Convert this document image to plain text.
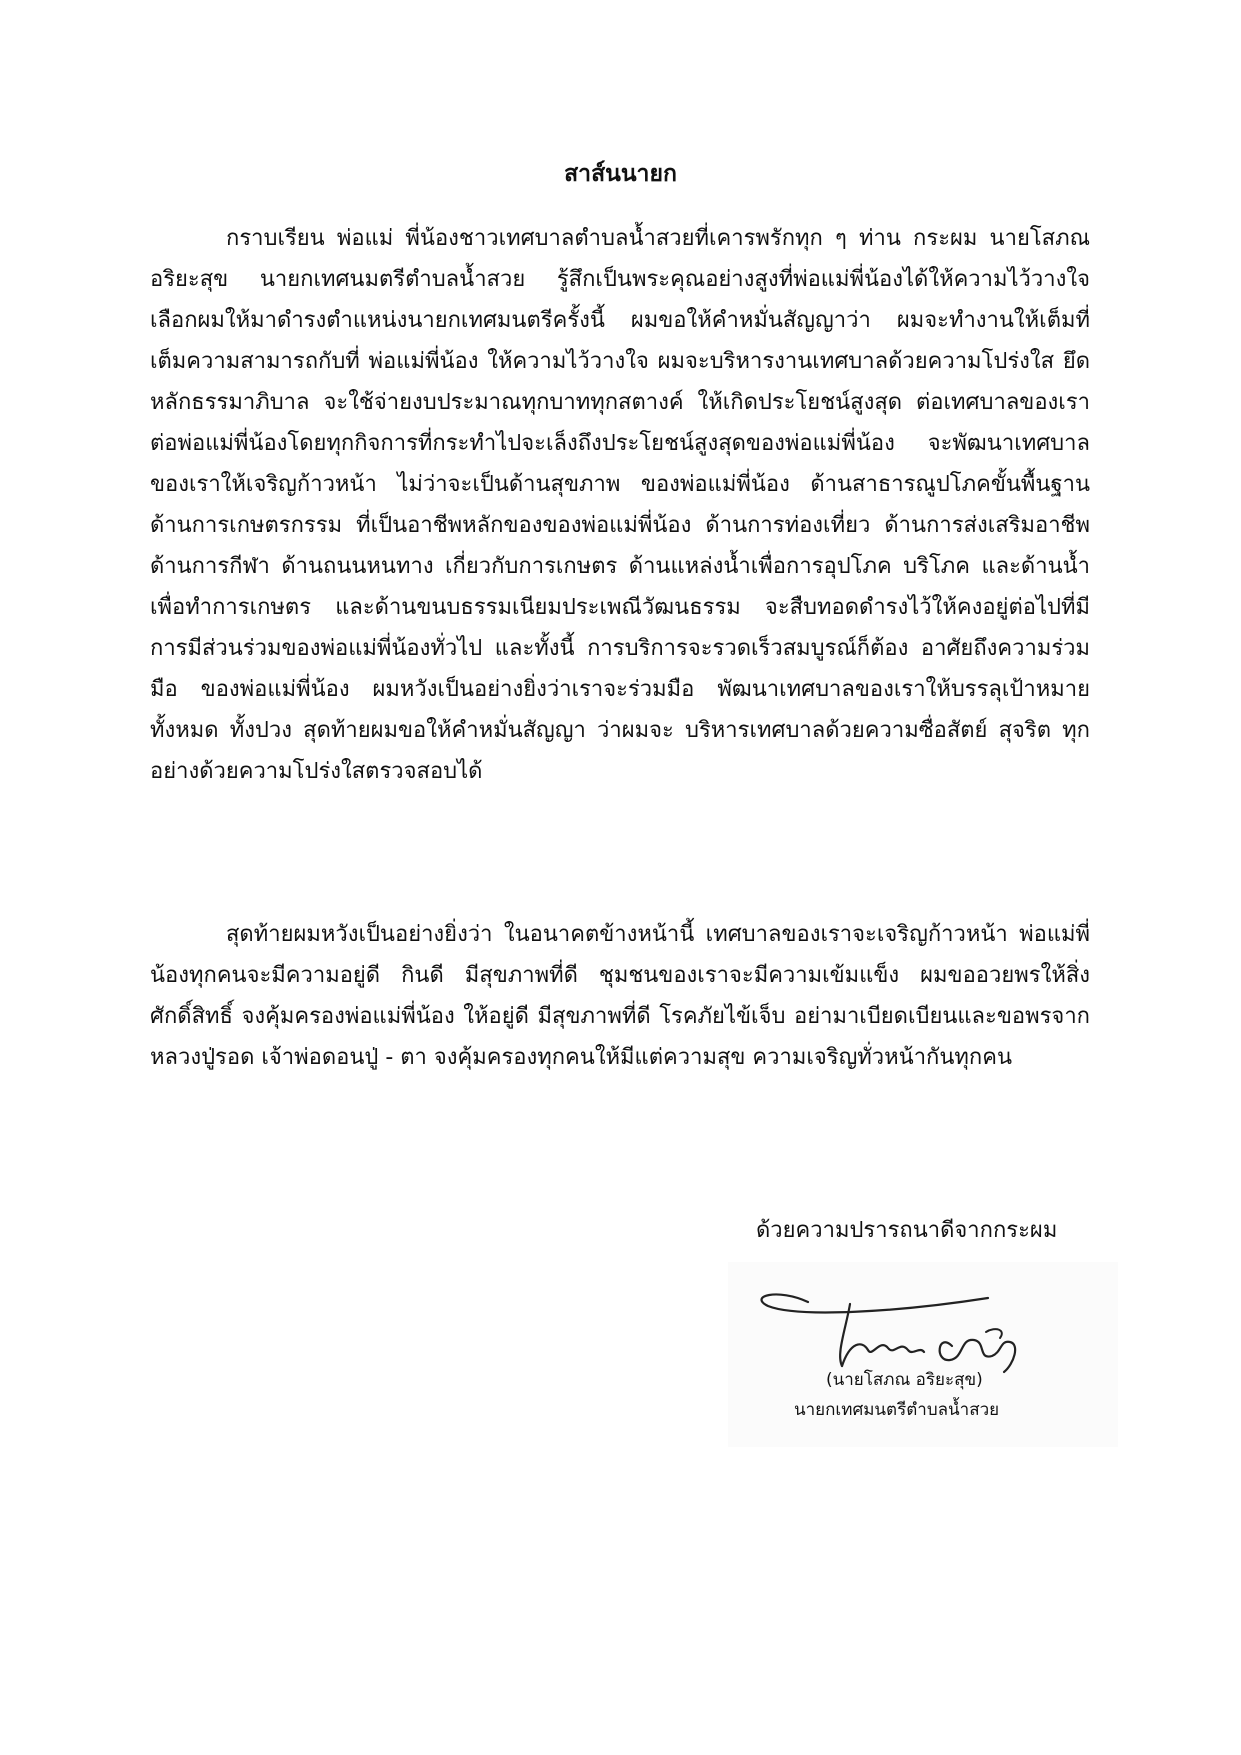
สาส์นนายก

กราบเรียน พ่อแม่ พี่น้องชาวเทศบาลตำบลน้ำสวยที่เคารพรักทุก ๆ ท่าน กระผม นายโสภณ อริยะสุข นายกเทศนมตรีตำบลน้ำสวย รู้สึกเป็นพระคุณอย่างสูงที่พ่อแม่พี่น้องได้ให้ความไว้วางใจ เลือกผมให้มาดำรงตำแหน่งนายกเทศมนตรีครั้งนี้ ผมขอให้คำหมั่นสัญญาว่า ผมจะทำงานให้เต็มที่ เต็มความสามารถกับที่ พ่อแม่พี่น้อง ให้ความไว้วางใจ ผมจะบริหารงานเทศบาลด้วยความโปร่งใส ยึดหลักธรรมาภิบาล จะใช้จ่ายงบประมาณทุกบาททุกสตางค์ ให้เกิดประโยชน์สูงสุด ต่อเทศบาลของเรา ต่อพ่อแม่พี่น้องโดยทุกกิจการที่กระทำไปจะเล็งถึงประโยชน์สูงสุดของพ่อแม่พี่น้อง จะพัฒนาเทศบาลของเราให้เจริญก้าวหน้า ไม่ว่าจะเป็นด้านสุขภาพ ของพ่อแม่พี่น้อง ด้านสาธารณูปโภคขั้นพื้นฐาน ด้านการเกษตรกรรม ที่เป็นอาชีพหลักของของพ่อแม่พี่น้อง ด้านการท่องเที่ยว ด้านการส่งเสริมอาชีพ ด้านการกีฬา ด้านถนนหนทาง เกี่ยวกับการเกษตร ด้านแหล่งน้ำเพื่อการอุปโภค บริโภค และด้านน้ำเพื่อทำการเกษตร และด้านขนบธรรมเนียมประเพณีวัฒนธรรม จะสืบทอดดำรงไว้ให้คงอยู่ต่อไปที่มีการมีส่วนร่วมของพ่อแม่พี่น้องทั่วไป และทั้งนี้ การบริการจะรวดเร็วสมบูรณ์ก็ต้อง อาศัยถึงความร่วมมือ ของพ่อแม่พี่น้อง ผมหวังเป็นอย่างยิ่งว่าเราจะร่วมมือ พัฒนาเทศบาลของเราให้บรรลุเป้าหมาย ทั้งหมด ทั้งปวง สุดท้ายผมขอให้คำหมั่นสัญญา ว่าผมจะ บริหารเทศบาลด้วยความซื่อสัตย์ สุจริต ทุกอย่างด้วยความโปร่งใสตรวจสอบได้

สุดท้ายผมหวังเป็นอย่างยิ่งว่า ในอนาคตข้างหน้านี้ เทศบาลของเราจะเจริญก้าวหน้า พ่อแม่พี่น้องทุกคนจะมีความอยู่ดี กินดี มีสุขภาพที่ดี ชุมชนของเราจะมีความเข้มแข็ง ผมขออวยพรให้สิ่งศักดิ์สิทธิ์ จงคุ้มครองพ่อแม่พี่น้อง ให้อยู่ดี มีสุขภาพที่ดี โรคภัยไข้เจ็บ อย่ามาเบียดเบียนและขอพรจาก หลวงปู่รอด เจ้าพ่อดอนปู่ - ตา จงคุ้มครองทุกคนให้มีแต่ความสุข ความเจริญทั่วหน้ากันทุกคน

ด้วยความปรารถนาดีจากกระผม

(นายโสภณ อริยะสุข)

นายกเทศมนตรีตำบลน้ำสวย
